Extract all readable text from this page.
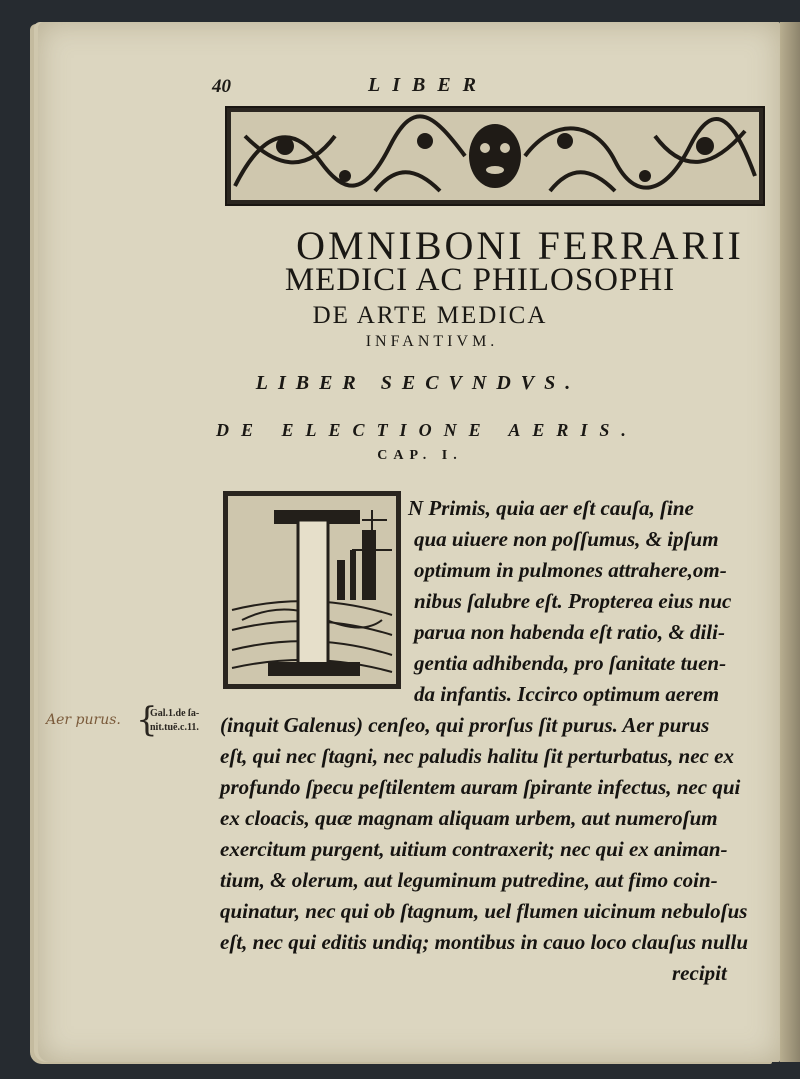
40	LIBER
OMNIBONI FERRARII
MEDICI AC PHILOSOPHI
DE ARTE MEDICA
INFANTIVM.
LIBER SECVNDVS.
DE ELECTIONE AERIS.
CAP. I.
N Primis, quia aer eſt cauſa, ſine
qua uiuere non poſſumus, & ipſum
optimum in pulmones attrahere,om-
nibus ſalubre eſt. Propterea eius nuc
parua non habenda eſt ratio, & dili-
gentia adhibenda, pro ſanitate tuen-
da infantis. Iccirco optimum aerem
(inquit Galenus) cenſeo, qui prorſus ſit purus. Aer purus
eſt, qui nec ſtagni, nec paludis halitu ſit perturbatus, nec ex
profundo ſpecu peſtilentem auram ſpirante infectus, nec qui
ex cloacis, quæ magnam aliquam urbem, aut numeroſum
exercitum purgent, uitium contraxerit; nec qui ex animan-
tium, & olerum, aut leguminum putredine, aut fimo coin-
quinatur, nec qui ob ſtagnum, uel flumen uicinum nebuloſus
eſt, nec qui editis undiq; montibus in cauo loco clauſus nullu
recipit
Aer purus. {
Gal.1.de ſa-
nit.tuē.c.11.
